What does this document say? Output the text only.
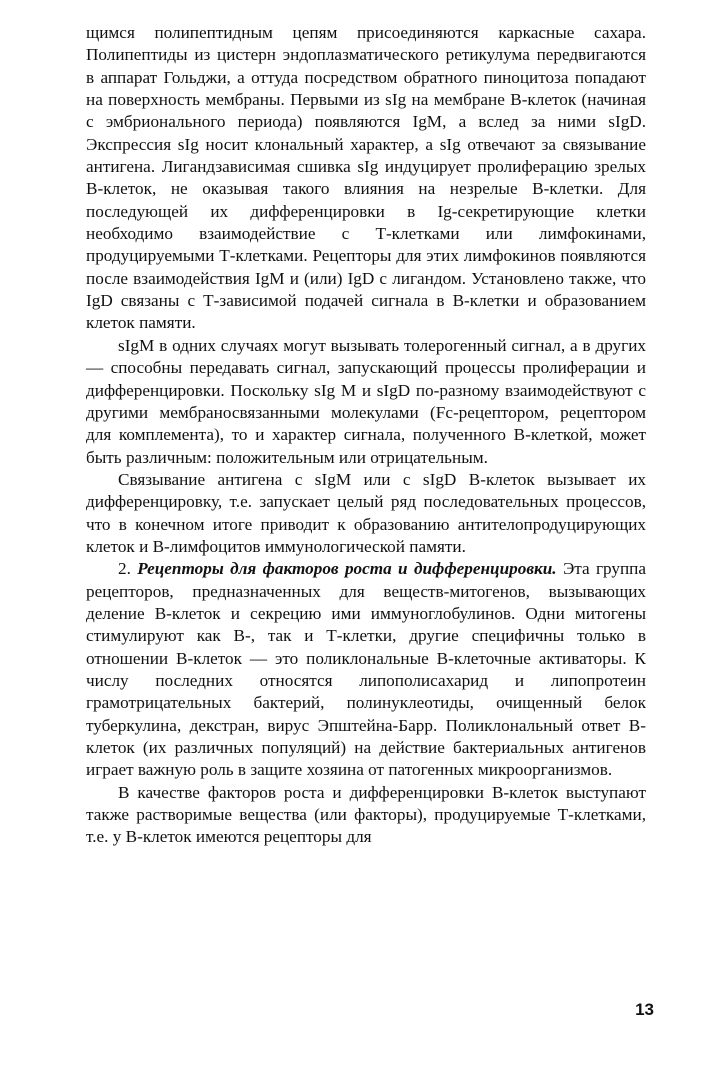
щимся полипептидным цепям присоединяются каркасные сахара. Полипептиды из цистерн эндоплазматического ретикулума передвигаются в аппарат Гольджи, а оттуда посредством обратного пиноцитоза попадают на поверхность мембраны. Первыми из sIg на мембране В-клеток (начиная с эмбрионального периода) появляются IgM, а вслед за ними sIgD. Экспрессия sIg носит клональный характер, а sIg отвечают за связывание антигена. Лигандзависимая сшивка sIg индуцирует пролиферацию зрелых В-клеток, не оказывая такого влияния на незрелые В-клетки. Для последующей их дифференцировки в Ig-секретирующие клетки необходимо взаимодействие с Т-клетками или лимфокинами, продуцируемыми Т-клетками. Рецепторы для этих лимфокинов появляются после взаимодействия IgM и (или) IgD с лигандом. Установлено также, что IgD связаны с Т-зависимой подачей сигнала в В-клетки и образованием клеток памяти.

sIgM в одних случаях могут вызывать толерогенный сигнал, а в других — способны передавать сигнал, запускающий процессы пролиферации и дифференцировки. Поскольку sIg M и sIgD по-разному взаимодействуют с другими мембраносвязанными молекулами (Fc-рецептором, рецептором для комплемента), то и характер сигнала, полученного В-клеткой, может быть различным: положительным или отрицательным.

Связывание антигена с sIgM или с sIgD В-клеток вызывает их дифференцировку, т.е. запускает целый ряд последовательных процессов, что в конечном итоге приводит к образованию антителопродуцирующих клеток и В-лимфоцитов иммунологической памяти.

2. Рецепторы для факторов роста и дифференцировки. Эта группа рецепторов, предназначенных для веществ-митогенов, вызывающих деление В-клеток и секрецию ими иммуноглобулинов. Одни митогены стимулируют как В-, так и Т-клетки, другие специфичны только в отношении В-клеток — это поликлональные В-клеточные активаторы. К числу последних относятся липополисахарид и липопротеин грамотрицательных бактерий, полинуклеотиды, очищенный белок туберкулина, декстран, вирус Эпштейна-Барр. Поликлональный ответ В-клеток (их различных популяций) на действие бактериальных антигенов играет важную роль в защите хозяина от патогенных микроорганизмов.

В качестве факторов роста и дифференцировки В-клеток выступают также растворимые вещества (или факторы), продуцируемые Т-клетками, т.е. у В-клеток имеются рецепторы для

13
